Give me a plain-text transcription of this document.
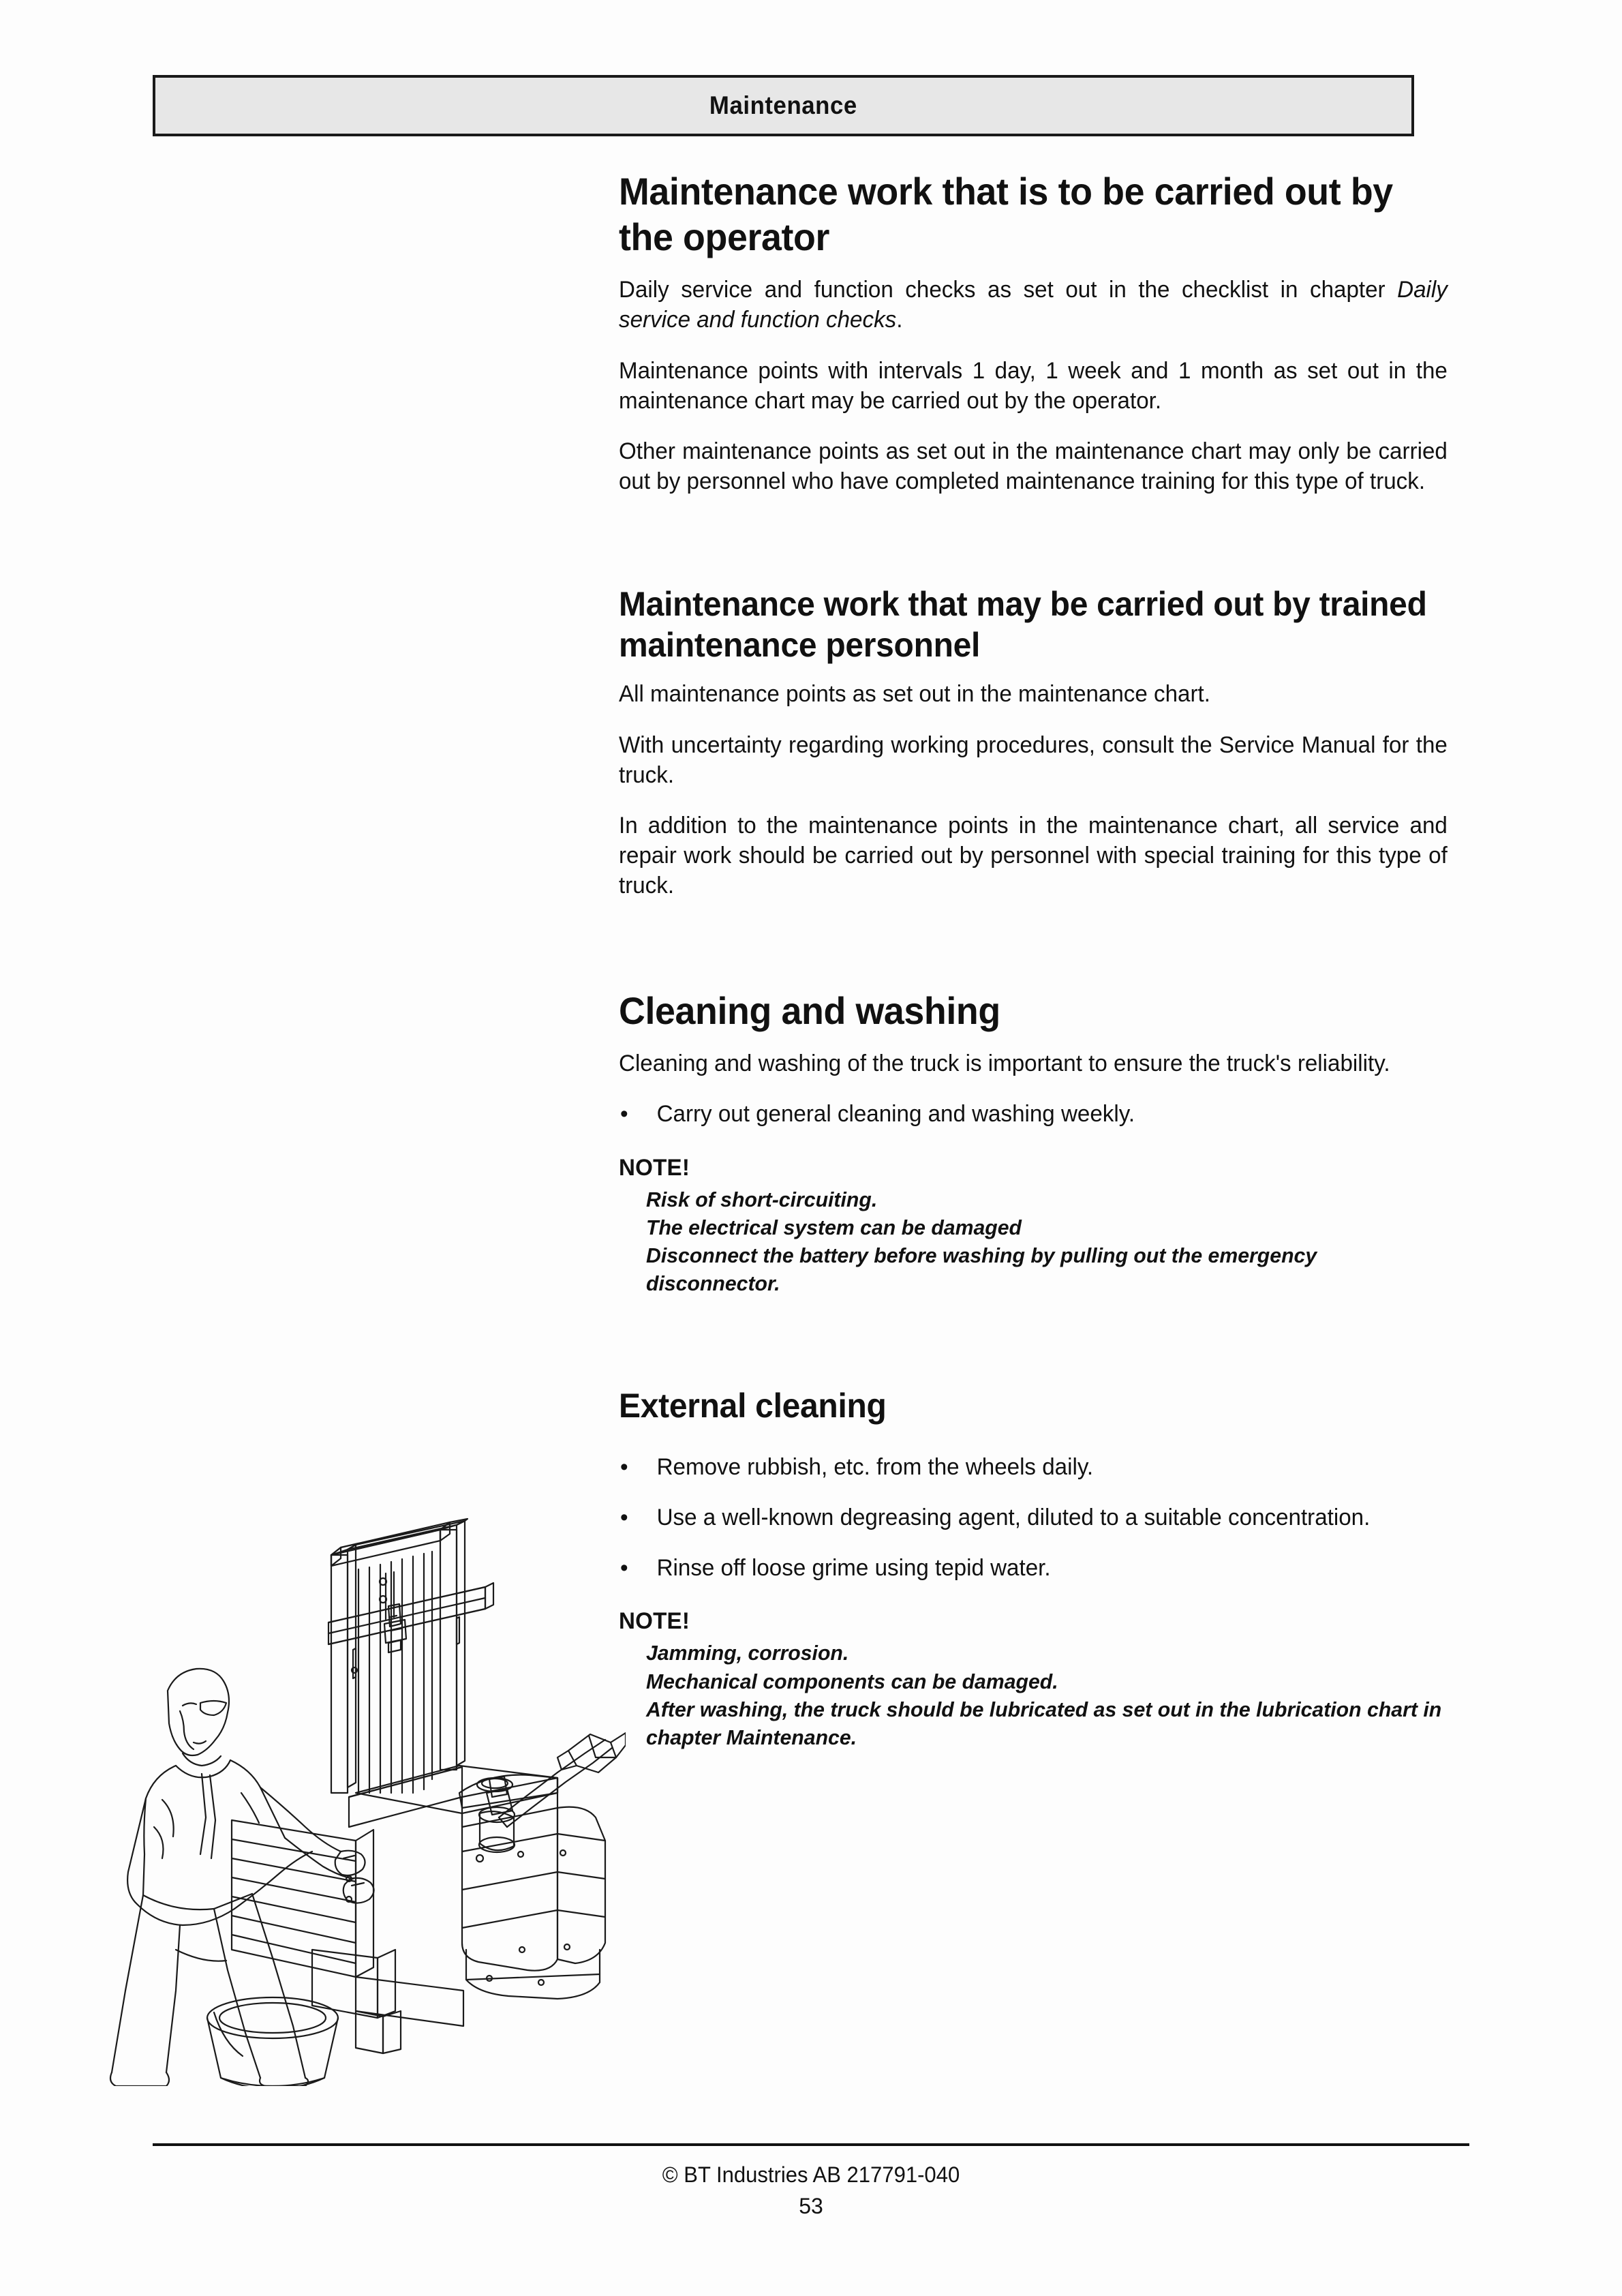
Maintenance
Maintenance work that is to be carried out by the operator

Daily service and function checks as set out in the checklist in chapter Daily service and function checks.

Maintenance points with intervals 1 day, 1 week and 1 month as set out in the maintenance chart may be carried out by the operator.

Other maintenance points as set out in the maintenance chart may only be carried out by personnel who have completed maintenance training for this type of truck.

Maintenance work that may be carried out by trained maintenance personnel

All maintenance points as set out in the maintenance chart.

With uncertainty regarding working procedures, consult the Service Manual for the truck.

In addition to the maintenance points in the maintenance chart, all service and repair work should be carried out by personnel with special training for this type of truck.

Cleaning and washing

Cleaning and washing of the truck is important to ensure the truck's reliability.

• Carry out general cleaning and washing weekly.
NOTE!
Risk of short-circuiting.
The electrical system can be damaged
Disconnect the battery before washing by pulling out the emergency disconnector.
External cleaning
• Remove rubbish, etc. from the wheels daily.
• Use a well-known degreasing agent, diluted to a suitable concentration.
• Rinse off loose grime using tepid water.
NOTE!
Jamming, corrosion.
Mechanical components can be damaged.
After washing, the truck should be lubricated as set out in the lubrication chart in chapter Maintenance.
© BT Industries AB 217791-040
53
